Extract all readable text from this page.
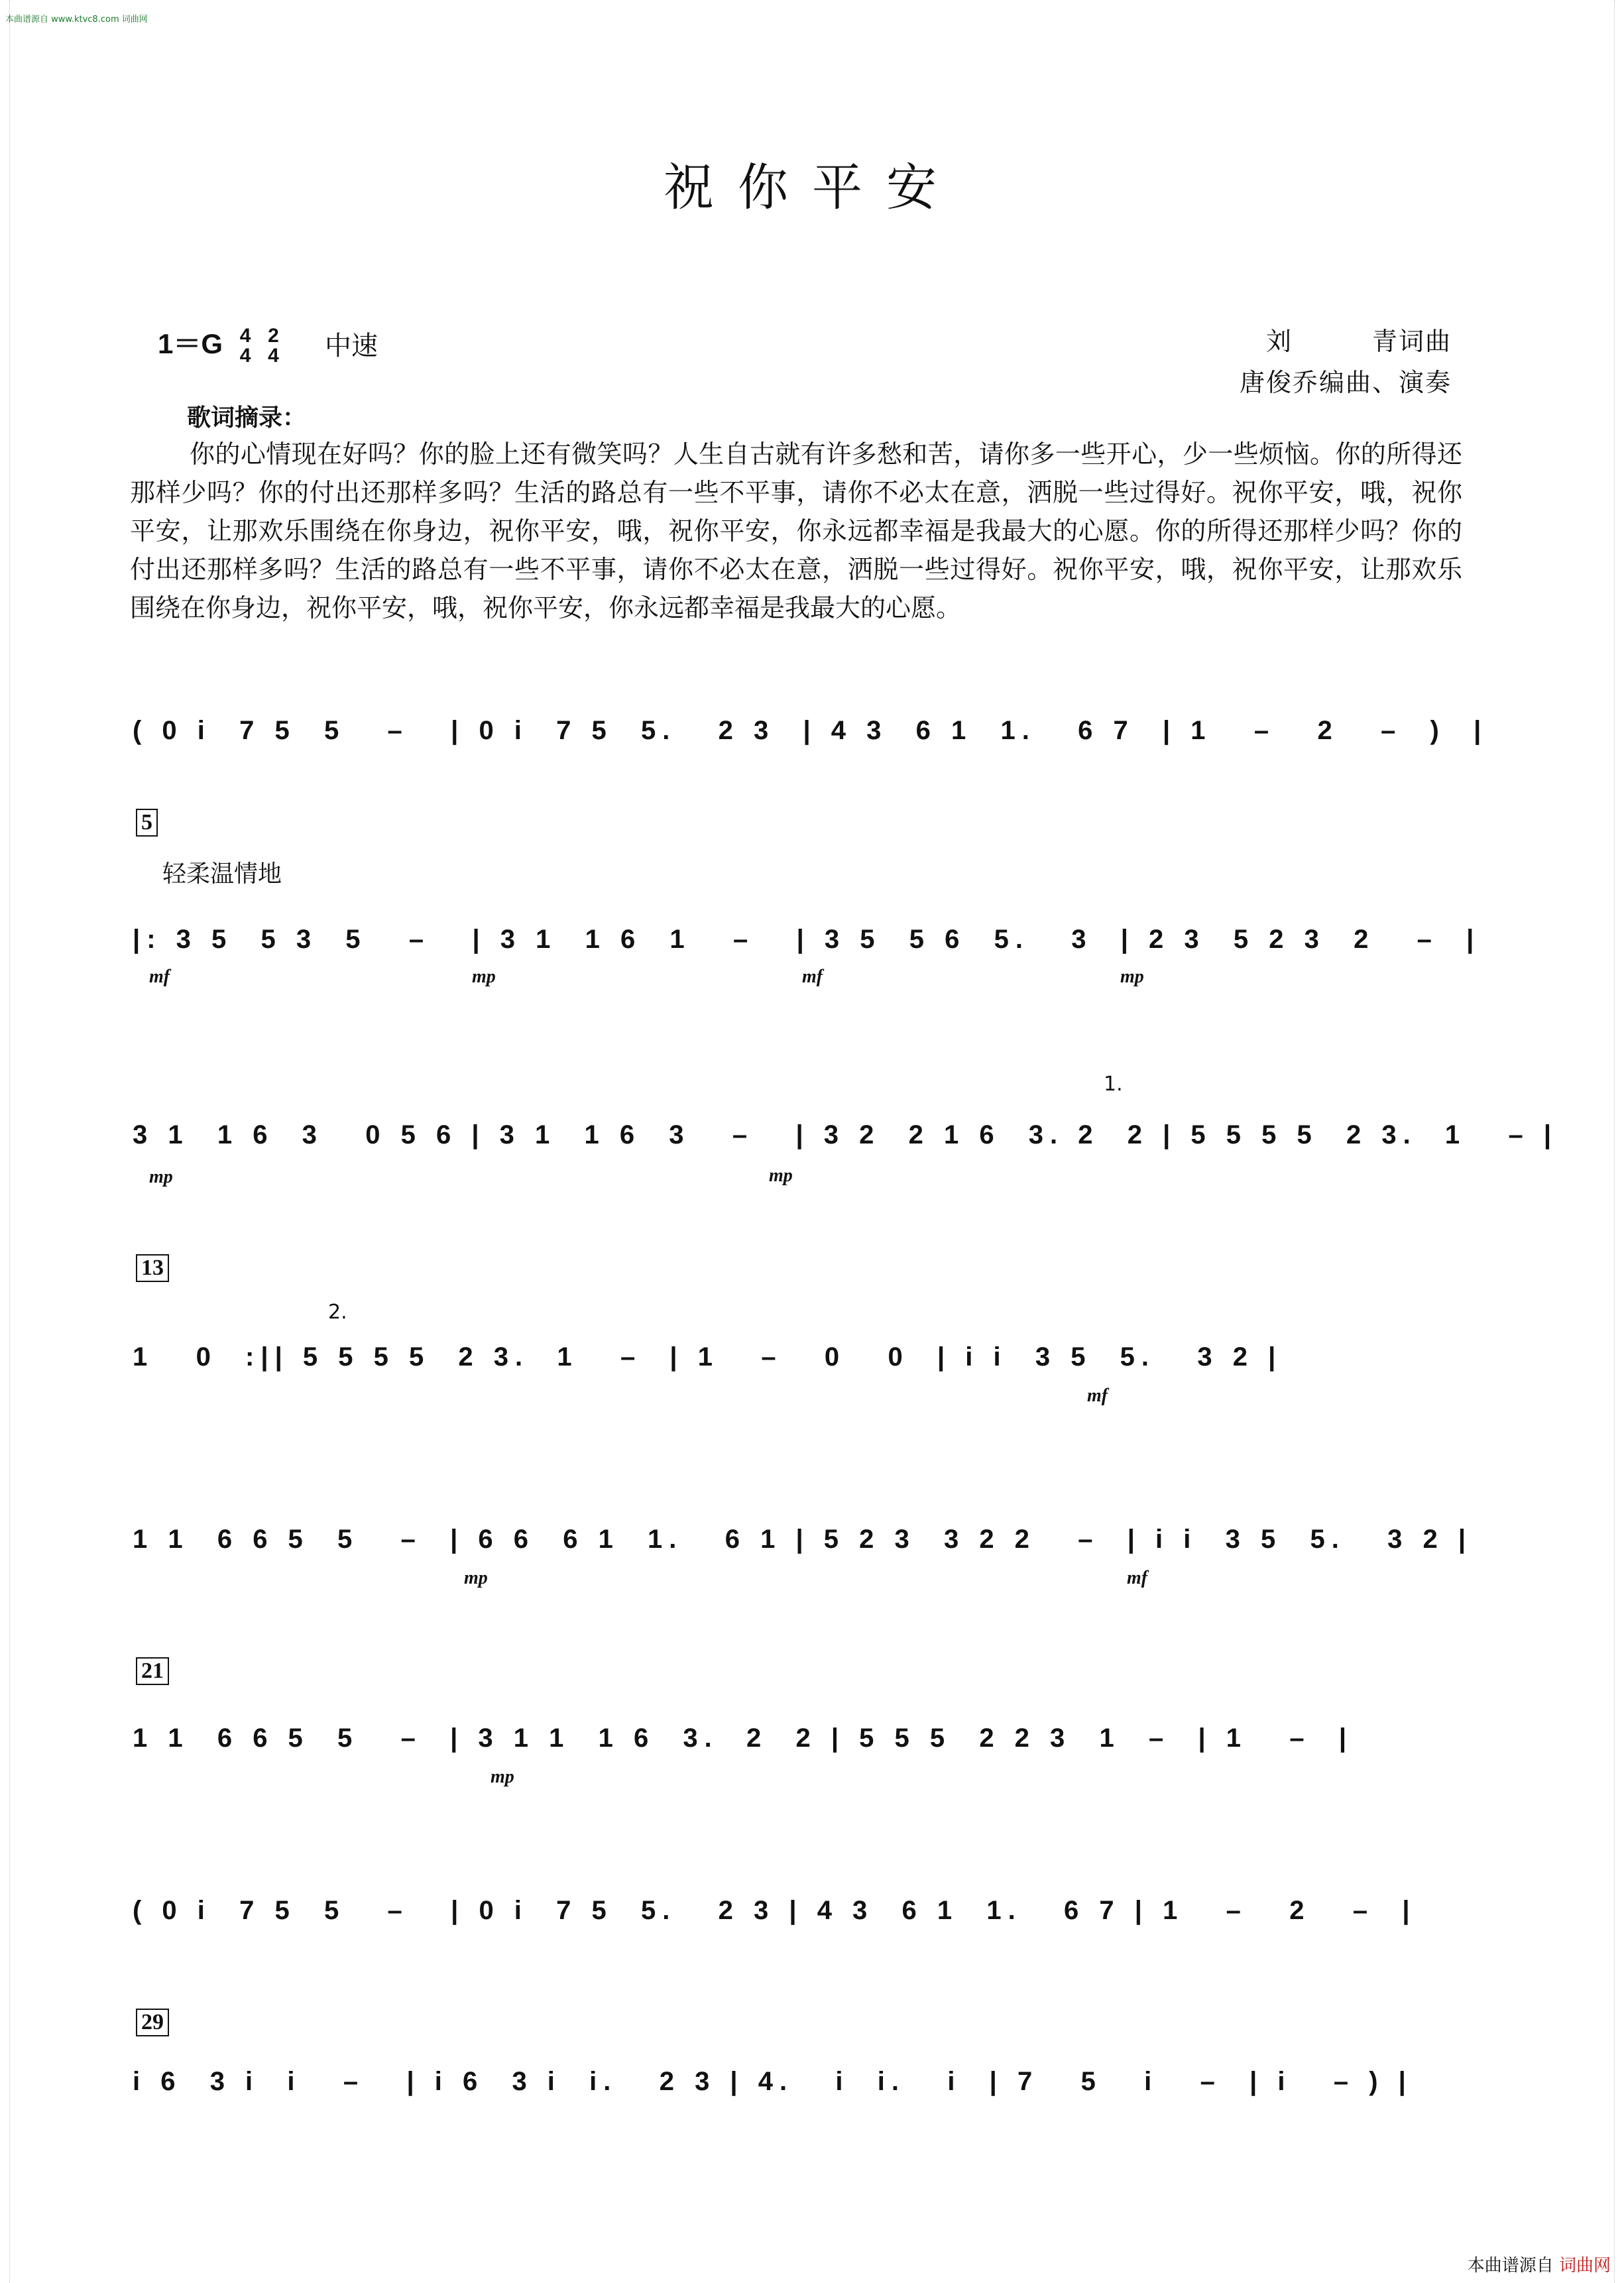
本曲谱源自 www.ktvc8.com 词曲网
祝你平安
1＝G 4
4

2
4 中速	刘　　　青词曲
唐俊乔编曲、演奏
歌词摘录：
你的心情现在好吗？你的脸上还有微笑吗？人生自古就有许多愁和苦，请你多一些开心，少一些烦恼。你的所得还那样少吗？你的付出还那样多吗？生活的路总有一些不平事，请你不必太在意，洒脱一些过得好。祝你平安，哦，祝你平安，让那欢乐围绕在你身边，祝你平安，哦，祝你平安，你永远都幸福是我最大的心愿。你的所得还那样少吗？你的付出还那样多吗？生活的路总有一些不平事，请你不必太在意，洒脱一些过得好。祝你平安，哦，祝你平安，让那欢乐围绕在你身边，祝你平安，哦，祝你平安，你永远都幸福是我最大的心愿。
( 0 i  7 5  5   –   | 0 i  7 5  5.   2 3  | 4 3  6 1  1.   6 7  | 1   –   2   –  )  |
5
轻柔温情地
|: 3 5  5 3  5   –   | 3 1  1 6  1   –   | 3 5  5 6  5.   3  | 2 3  5 2 3  2   –  |
mf	mp	mf	mp
3 1  1 6  3   0 5 6 | 3 1  1 6  3   –   | 3 2  2 1 6  3. 2  2 | 5 5 5 5  2 3.  1   – |
mp	mp
1.
13
2.
1   0  :|| 5 5 5 5  2 3.  1   –  | 1   –   0   0  | i i  3 5  5.   3 2 |
mf
1 1  6 6 5  5   –  | 6 6  6 1  1.   6 1 | 5 2 3  3 2 2   –  | i i  3 5  5.   3 2 |
mp	mf
21
1 1  6 6 5  5   –  | 3 1 1  1 6  3.  2  2 | 5 5 5  2 2 3  1  –  | 1   –  |
mp
( 0 i  7 5  5   –   | 0 i  7 5  5.   2 3 | 4 3  6 1  1.   6 7 | 1   –   2   –  |
29
i 6  3 i  i   –   | i 6  3 i  i.   2 3 | 4.   i  i.   i  | 7   5   i   –  | i   – ) |
本曲谱源自 词曲网
